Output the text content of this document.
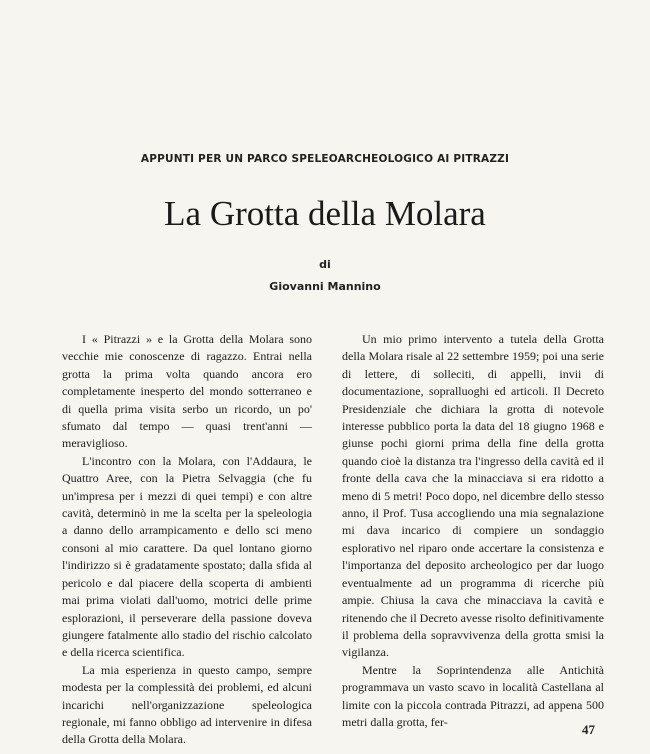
APPUNTI PER UN PARCO SPELEOARCHEOLOGICO AI PITRAZZI
La Grotta della Molara
di
Giovanni Mannino

I « Pitrazzi » e la Grotta della Molara sono vecchie mie conoscenze di ragazzo. Entrai nella grotta la prima volta quando ancora ero completamente inesperto del mondo sotterraneo e di quella prima visita serbo un ricordo, un po' sfumato dal tempo — quasi trent'anni — meraviglioso.

L'incontro con la Molara, con l'Addaura, le Quattro Aree, con la Pietra Selvaggia (che fu un'impresa per i mezzi di quei tempi) e con altre cavità, determinò in me la scelta per la speleologia a danno dello arrampicamento e dello sci meno consoni al mio carattere. Da quel lontano giorno l'indirizzo si è gradatamente spostato; dalla sfida al pericolo e dal piacere della scoperta di ambienti mai prima violati dall'uomo, motrici delle prime esplorazioni, il perseverare della passione doveva giungere fatalmente allo stadio del rischio calcolato e della ricerca scientifica.

La mia esperienza in questo campo, sempre modesta per la complessità dei problemi, ed alcuni incarichi nell'organizzazione speleologica regionale, mi fanno obbligo ad intervenire in difesa della Grotta della Molara.

Un mio primo intervento a tutela della Grotta della Molara risale al 22 settembre 1959; poi una serie di lettere, di solleciti, di appelli, invii di documentazione, sopralluoghi ed articoli. Il Decreto Presidenziale che dichiara la grotta di notevole interesse pubblico porta la data del 18 giugno 1968 e giunse pochi giorni prima della fine della grotta quando cioè la distanza tra l'ingresso della cavità ed il fronte della cava che la minacciava si era ridotto a meno di 5 metri! Poco dopo, nel dicembre dello stesso anno, il Prof. Tusa accogliendo una mia segnalazione mi dava incarico di compiere un sondaggio esplorativo nel riparo onde accertare la consistenza e l'importanza del deposito archeologico per dar luogo eventualmente ad un programma di ricerche più ampie. Chiusa la cava che minacciava la cavità e ritenendo che il Decreto avesse risolto definitivamente il problema della sopravvivenza della grotta smisi la vigilanza.

Mentre la Soprintendenza alle Antichità programmava un vasto scavo in località Castellana al limite con la piccola contrada Pitrazzi, ad appena 500 metri dalla grotta, fer-

47
